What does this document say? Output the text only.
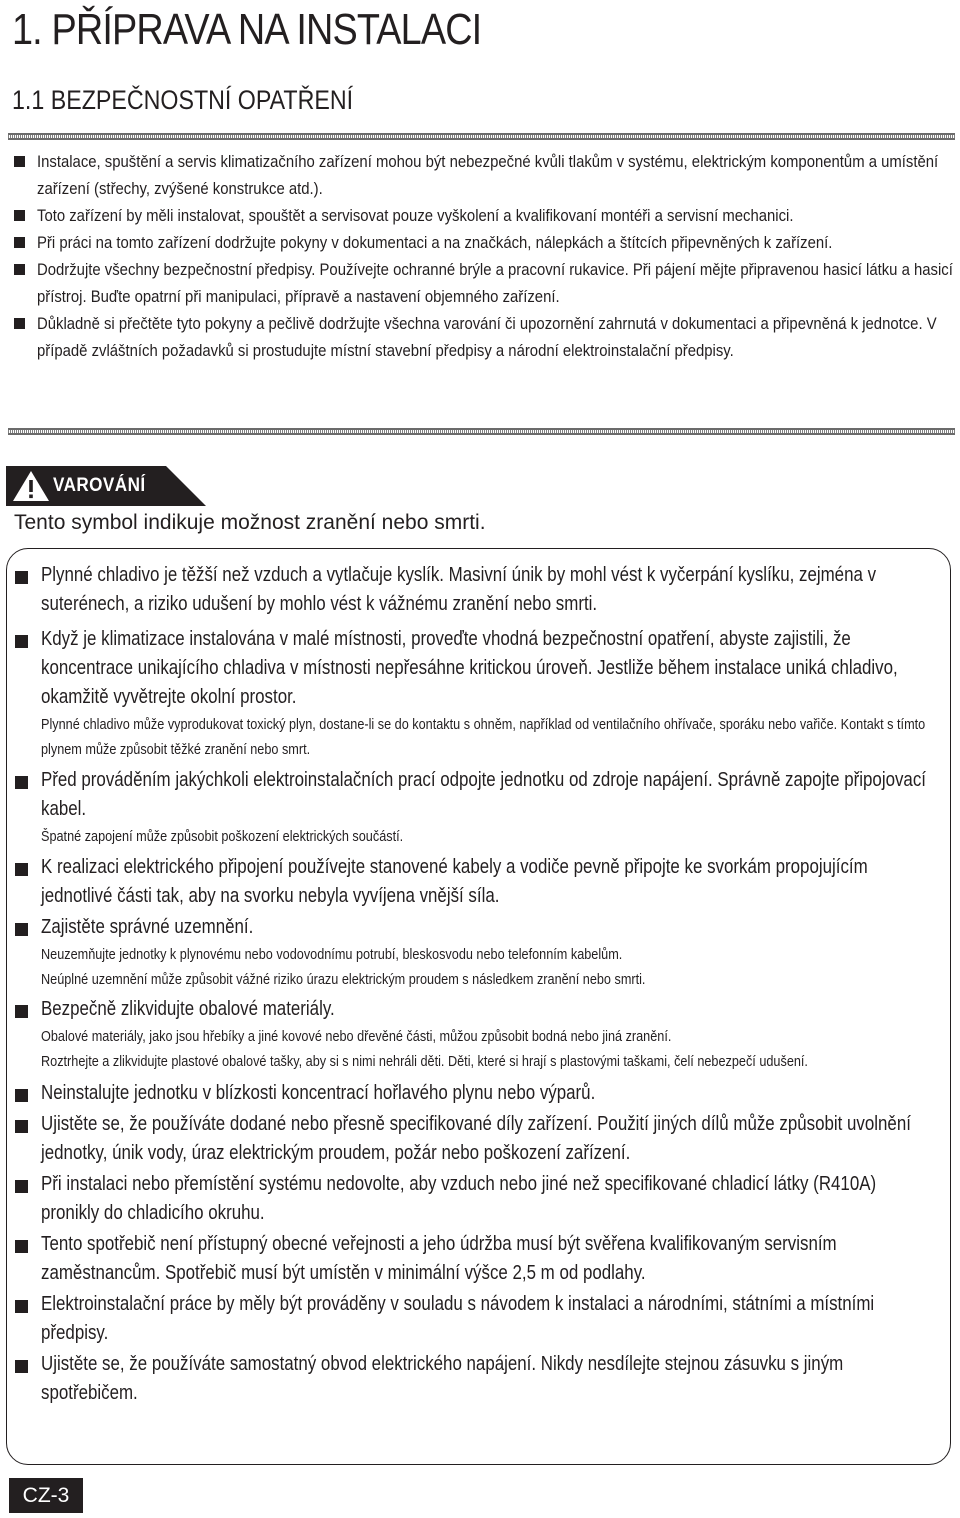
1. PŘÍPRAVA NA INSTALACI
1.1 BEZPEČNOSTNÍ OPATŘENÍ
Instalace, spuštění a servis klimatizačního zařízení mohou být nebezpečné kvůli tlakům v systému, elektrickým komponentům a umístění zařízení (střechy, zvýšené konstrukce atd.).
Toto zařízení by měli instalovat, spouštět a servisovat pouze vyškolení a kvalifikovaní montéři a servisní mechanici.
Při práci na tomto zařízení dodržujte pokyny v dokumentaci a na značkách, nálepkách a štítcích připevněných k zařízení.
Dodržujte všechny bezpečnostní předpisy. Používejte ochranné brýle a pracovní rukavice. Při pájení mějte připravenou hasicí látku a hasicí přístroj. Buďte opatrní při manipulaci, přípravě a nastavení objemného zařízení.
Důkladně si přečtěte tyto pokyny a pečlivě dodržujte všechna varování či upozornění zahrnutá v dokumentaci a připevněná k jednotce. V případě zvláštních požadavků si prostudujte místní stavební předpisy a národní elektroinstalační předpisy.
VAROVÁNÍ
Tento symbol indikuje možnost zranění nebo smrti.
Plynné chladivo je těžší než vzduch a vytlačuje kyslík. Masivní únik by mohl vést k vyčerpání kyslíku, zejména v suterénech, a riziko udušení by mohlo vést k vážnému zranění nebo smrti.
Když je klimatizace instalována v malé místnosti, proveďte vhodná bezpečnostní opatření, abyste zajistili, že koncentrace unikajícího chladiva v místnosti nepřesáhne kritickou úroveň. Jestliže během instalace uniká chladivo, okamžitě vyvětrejte okolní prostor.
Plynné chladivo může vyprodukovat toxický plyn, dostane-li se do kontaktu s ohněm, například od ventilačního ohřívače, sporáku nebo vařiče. Kontakt s tímto plynem může způsobit těžké zranění nebo smrt.
Před prováděním jakýchkoli elektroinstalačních prací odpojte jednotku od zdroje napájení. Správně zapojte připojovací kabel.
Špatné zapojení může způsobit poškození elektrických součástí.
K realizaci elektrického připojení používejte stanovené kabely a vodiče pevně připojte ke svorkám propojujícím jednotlivé části tak, aby na svorku nebyla vyvíjena vnější síla.
Zajistěte správné uzemnění.
Neuzemňujte jednotky k plynovému nebo vodovodnímu potrubí, bleskosvodu nebo telefonním kabelům.
Neúplné uzemnění může způsobit vážné riziko úrazu elektrickým proudem s následkem zranění nebo smrti.
Bezpečně zlikvidujte obalové materiály.
Obalové materiály, jako jsou hřebíky a jiné kovové nebo dřevěné části, můžou způsobit bodná nebo jiná zranění.
Roztrhejte a zlikvidujte plastové obalové tašky, aby si s nimi nehráli děti. Děti, které si hrají s plastovými taškami, čelí nebezpečí udušení.
Neinstalujte jednotku v blízkosti koncentrací hořlavého plynu nebo výparů.
Ujistěte se, že používáte dodané nebo přesně specifikované díly zařízení. Použití jiných dílů může způsobit uvolnění jednotky, únik vody, úraz elektrickým proudem, požár nebo poškození zařízení.
Při instalaci nebo přemístění systému nedovolte, aby vzduch nebo jiné než specifikované chladicí látky (R410A) pronikly do chladicího okruhu.
Tento spotřebič není přístupný obecné veřejnosti a jeho údržba musí být svěřena kvalifikovaným servisním zaměstnancům. Spotřebič musí být umístěn v minimální výšce 2,5 m od podlahy.
Elektroinstalační práce by měly být prováděny v souladu s návodem k instalaci a národními, státními a místními předpisy.
Ujistěte se, že používáte samostatný obvod elektrického napájení. Nikdy nesdílejte stejnou zásuvku s jiným spotřebičem.
CZ-3
